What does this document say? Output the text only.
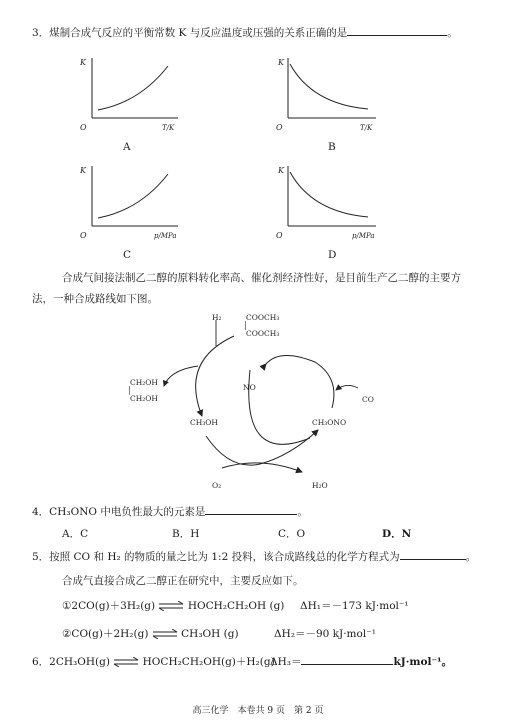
3．煤制合成气反应的平衡常数 K 与反应温度或压强的关系正确的是	。
K
O	T/K
A
K
O	T/K
B
K
O	p/MPa
C
K
O	p/MPa
D
合成气间接法制乙二醇的原料转化率高、催化剂经济性好，是目前生产乙二醇的主要方
法，一种合成路线如下图。
H₂	COOCH₃
│
COOCH₃
CH₂OH
│
CH₂OH
NO
CO
CH₃OH	CH₃ONO
O₂	H₂O
4．CH₃ONO 中电负性最大的元素是	。
A．C	B．H	C．O	D．N
5．按照 CO 和 H₂ 的物质的量之比为 1:2 投料，该合成路线总的化学方程式为	。
合成气直接合成乙二醇正在研究中，主要反应如下。
①2CO(g)＋3H₂(g) ⇌ HOCH₂CH₂OH (g) ΔH₁＝－173 kJ·mol⁻¹
②CO(g)＋2H₂(g) ⇌ CH₃OH (g)	ΔH₂＝－90 kJ·mol⁻¹
6．2CH₃OH(g) ⇌ HOCH₂CH₂OH(g)＋H₂(g)
ΔH₃＝	kJ·mol⁻¹。
高三化学　本卷共 9 页　第 2 页
